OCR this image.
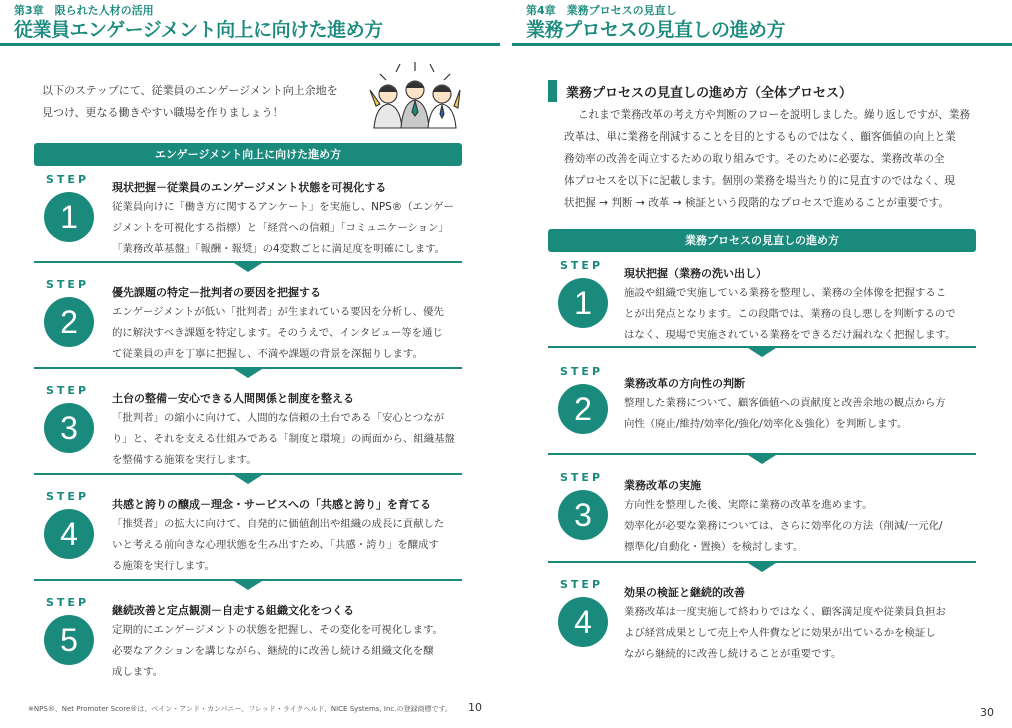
第3章　限られた人材の活用
従業員エンゲージメント向上に向けた進め方
以下のステップにて、従業員のエンゲージメント向上余地を
見つけ、更なる働きやすい職場を作りましょう！
エンゲージメント向上に向けた進め方
STEP
1
現状把握－従業員のエンゲージメント状態を可視化する
従業員向けに「働き方に関するアンケート」を実施し、NPS®（エンゲー
ジメントを可視化する指標）と「経営への信頼」「コミュニケーション」
「業務改革基盤」「報酬・報奨」の4変数ごとに満足度を明確にします。
STEP
2
優先課題の特定－批判者の要因を把握する
エンゲージメントが低い「批判者」が生まれている要因を分析し、優先
的に解決すべき課題を特定します。そのうえで、インタビュー等を通じ
て従業員の声を丁寧に把握し、不満や課題の背景を深掘りします。
STEP
3
土台の整備－安心できる人間関係と制度を整える
「批判者」の縮小に向けて、人間的な信頼の土台である「安心とつなが
り」と、それを支える仕組みである「制度と環境」の両面から、組織基盤
を整備する施策を実行します。
STEP
4
共感と誇りの醸成－理念・サービスへの「共感と誇り」を育てる
「推奨者」の拡大に向けて、自発的に価値創出や組織の成長に貢献した
いと考える前向きな心理状態を生み出すため、「共感・誇り」を醸成す
る施策を実行します。
STEP
5
継続改善と定点観測－自走する組織文化をつくる
定期的にエンゲージメントの状態を把握し、その変化を可視化します。
必要なアクションを講じながら、継続的に改善し続ける組織文化を醸
成します。
※NPS®、Net Promoter Score®は、ベイン・アンド・カンパニー、フレッド・ライクヘルド、NICE Systems, Inc.の登録商標です。 10
第4章　業務プロセスの見直し
業務プロセスの見直しの進め方
業務プロセスの見直しの進め方（全体プロセス）
これまで業務改革の考え方や判断のフローを説明しました。繰り返しですが、業務
改革は、単に業務を削減することを目的とするものではなく、顧客価値の向上と業
務効率の改善を両立するための取り組みです。そのために必要な、業務改革の全
体プロセスを以下に記載します。個別の業務を場当たり的に見直すのではなく、現
状把握 → 判断 → 改革 → 検証という段階的なプロセスで進めることが重要です。
業務プロセスの見直しの進め方
STEP
1
現状把握（業務の洗い出し）
施設や組織で実施している業務を整理し、業務の全体像を把握するこ
とが出発点となります。この段階では、業務の良し悪しを判断するので
はなく、現場で実施されている業務をできるだけ漏れなく把握します。
STEP
2
業務改革の方向性の判断
整理した業務について、顧客価値への貢献度と改善余地の観点から方
向性（廃止/維持/効率化/強化/効率化＆強化）を判断します。
STEP
3
業務改革の実施
方向性を整理した後、実際に業務の改革を進めます。
効率化が必要な業務については、さらに効率化の方法（削減/一元化/
標準化/自動化・置換）を検討します。
STEP
4
効果の検証と継続的改善
業務改革は一度実施して終わりではなく、顧客満足度や従業員負担お
よび経営成果として売上や人件費などに効果が出ているかを検証し
ながら継続的に改善し続けることが重要です。
30
